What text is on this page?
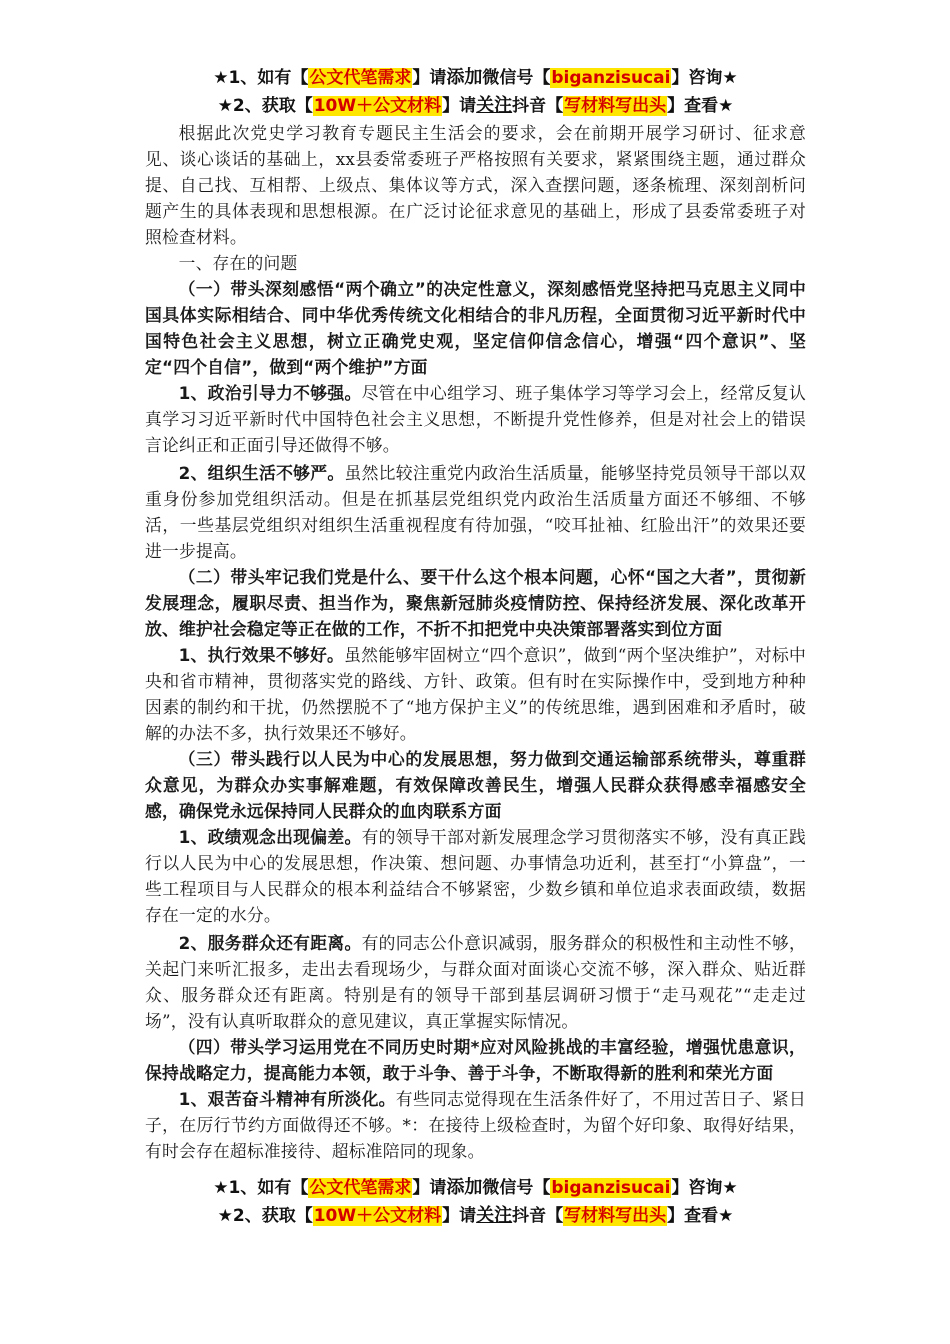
★1、如有【公文代笔需求】请添加微信号【biganzisucai】咨询★
★2、获取【10W＋公文材料】请关注抖音【写材料写出头】查看★

根据此次党史学习教育专题民主生活会的要求，会在前期开展学习研讨、征求意见、谈心谈话的基础上，xx县委常委班子严格按照有关要求，紧紧围绕主题，通过群众提、自己找、互相帮、上级点、集体议等方式，深入查摆问题，逐条梳理、深刻剖析问题产生的具体表现和思想根源。在广泛讨论征求意见的基础上，形成了县委常委班子对照检查材料。

一、存在的问题

（一）带头深刻感悟“两个确立”的决定性意义，深刻感悟党坚持把马克思主义同中国具体实际相结合、同中华优秀传统文化相结合的非凡历程，全面贯彻习近平新时代中国特色社会主义思想，树立正确党史观，坚定信仰信念信心，增强“四个意识”、坚定“四个自信”，做到“两个维护”方面

1、政治引导力不够强。尽管在中心组学习、班子集体学习等学习会上，经常反复认真学习习近平新时代中国特色社会主义思想，不断提升党性修养，但是对社会上的错误言论纠正和正面引导还做得不够。

2、组织生活不够严。虽然比较注重党内政治生活质量，能够坚持党员领导干部以双重身份参加党组织活动。但是在抓基层党组织党内政治生活质量方面还不够细、不够活，一些基层党组织对组织生活重视程度有待加强，“咬耳扯袖、红脸出汗”的效果还要进一步提高。

（二）带头牢记我们党是什么、要干什么这个根本问题，心怀“国之大者”，贯彻新发展理念，履职尽责、担当作为，聚焦新冠肺炎疫情防控、保持经济发展、深化改革开放、维护社会稳定等正在做的工作，不折不扣把党中央决策部署落实到位方面

1、执行效果不够好。虽然能够牢固树立“四个意识”，做到“两个坚决维护”，对标中央和省市精神，贯彻落实党的路线、方针、政策。但有时在实际操作中，受到地方种种因素的制约和干扰，仍然摆脱不了“地方保护主义”的传统思维，遇到困难和矛盾时，破解的办法不多，执行效果还不够好。

（三）带头践行以人民为中心的发展思想，努力做到交通运输部系统带头，尊重群众意见，为群众办实事解难题，有效保障改善民生，增强人民群众获得感幸福感安全感，确保党永远保持同人民群众的血肉联系方面

1、政绩观念出现偏差。有的领导干部对新发展理念学习贯彻落实不够，没有真正践行以人民为中心的发展思想，作决策、想问题、办事情急功近利，甚至打“小算盘”，一些工程项目与人民群众的根本利益结合不够紧密，少数乡镇和单位追求表面政绩，数据存在一定的水分。

2、服务群众还有距离。有的同志公仆意识减弱，服务群众的积极性和主动性不够，关起门来听汇报多，走出去看现场少，与群众面对面谈心交流不够，深入群众、贴近群众、服务群众还有距离。特别是有的领导干部到基层调研习惯于“走马观花”“走走过场”，没有认真听取群众的意见建议，真正掌握实际情况。

（四）带头学习运用党在不同历史时期*应对风险挑战的丰富经验，增强忧患意识，保持战略定力，提高能力本领，敢于斗争、善于斗争，不断取得新的胜利和荣光方面

1、艰苦奋斗精神有所淡化。有些同志觉得现在生活条件好了，不用过苦日子、紧日子，在厉行节约方面做得还不够。*：在接待上级检查时，为留个好印象、取得好结果，有时会存在超标准接待、超标准陪同的现象。

★1、如有【公文代笔需求】请添加微信号【biganzisucai】咨询★
★2、获取【10W＋公文材料】请关注抖音【写材料写出头】查看★
